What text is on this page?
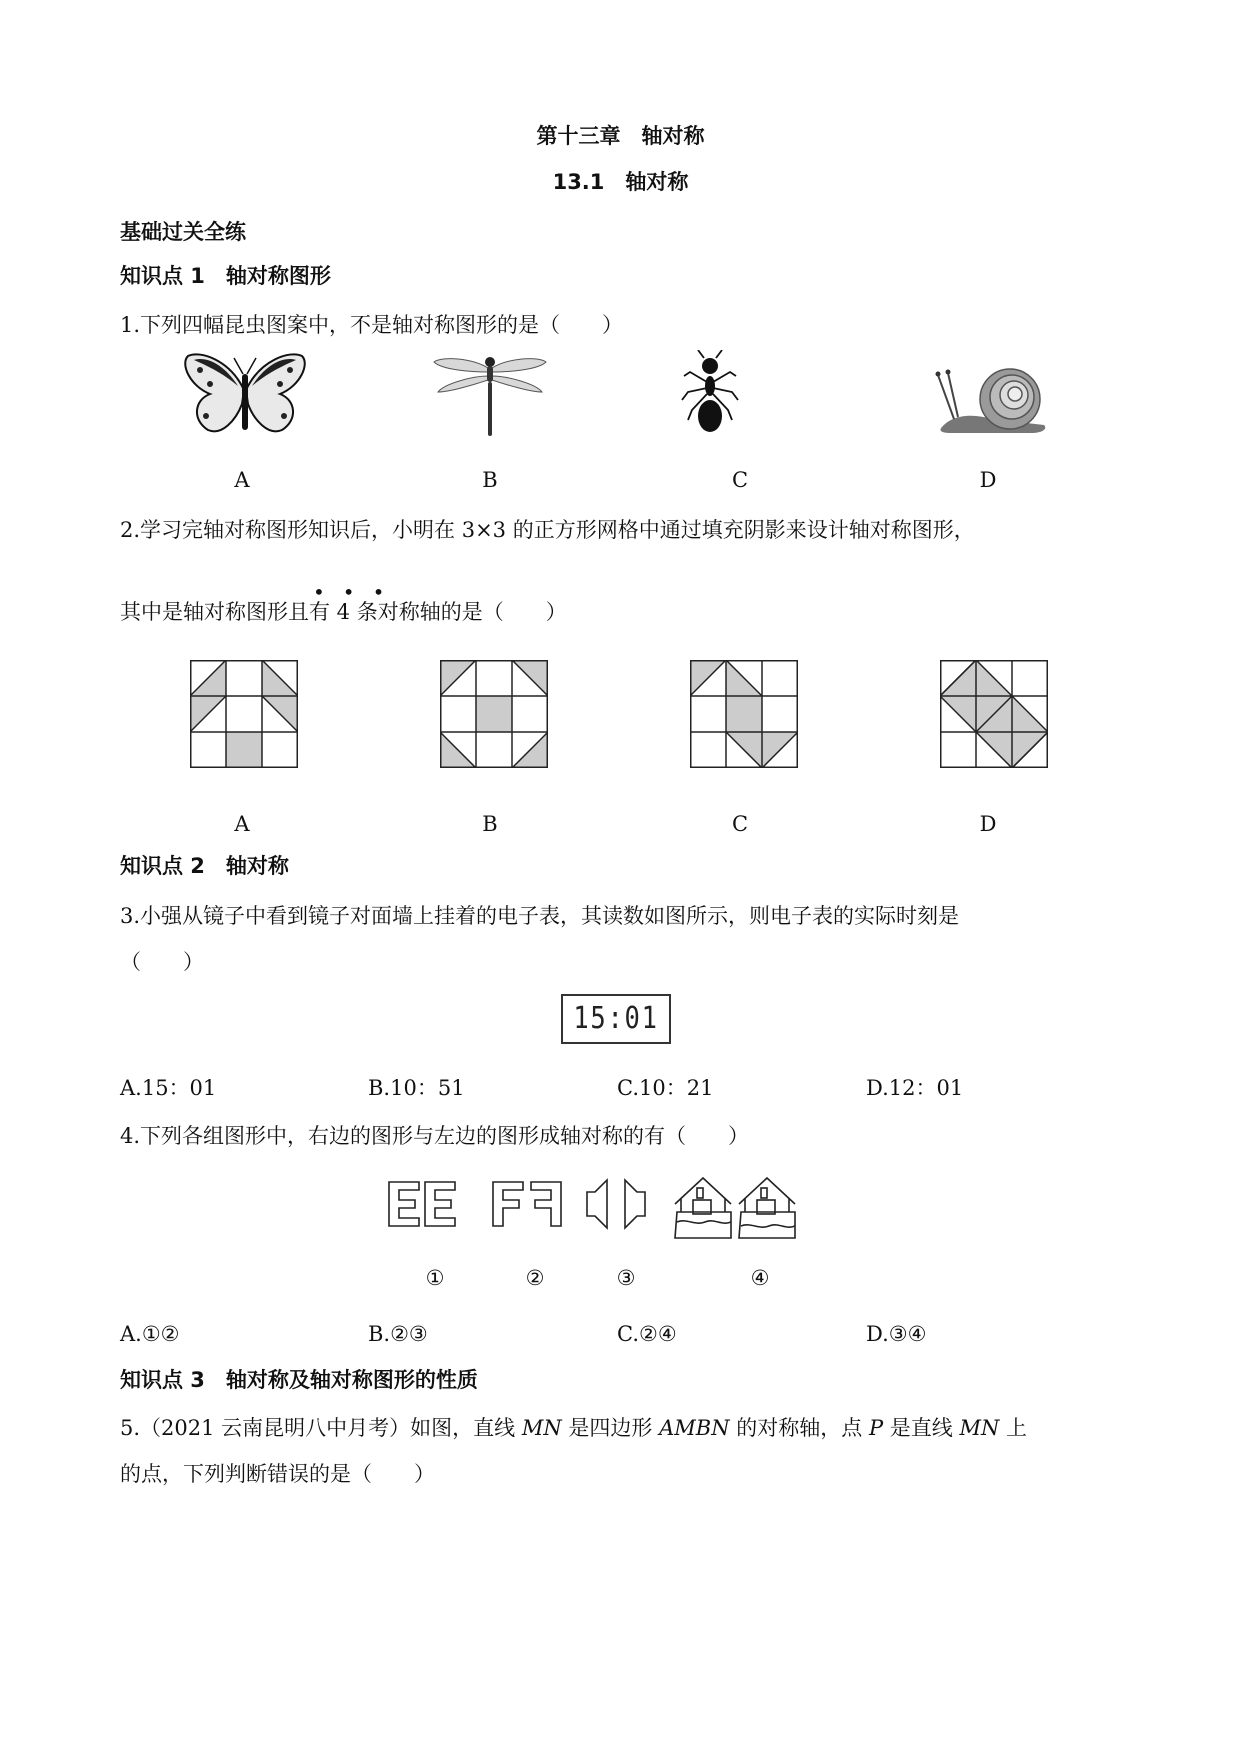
第十三章　轴对称
13.1　轴对称
基础过关全练
知识点 1　轴对称图形
1.下列四幅昆虫图案中，不是轴对称图形的是（　　）
A	B	C	D
2.学习完轴对称图形知识后，小明在 3×3 的正方形网格中通过填充阴影来设计轴对称图形，
其中是轴对称图形且
•••
有 4 条对称轴的是（　　）
A	B	C	D
知识点 2　轴对称
3.小强从镜子中看到镜子对面墙上挂着的电子表，其读数如图所示，则电子表的实际时刻是
（　　）
15:01
A.15：01	B.10：51	C.10：21	D.12：01
4.下列各组图形中，右边的图形与左边的图形成轴对称的有（　　）
①	②	③	④
A.①②	B.②③	C.②④	D.③④
知识点 3　轴对称及轴对称图形的性质
5.（2021 云南昆明八中月考）如图，直线 MN 是四边形 AMBN 的对称轴，点 P 是直线 MN 上
的点，下列判断错误的是（　　）
